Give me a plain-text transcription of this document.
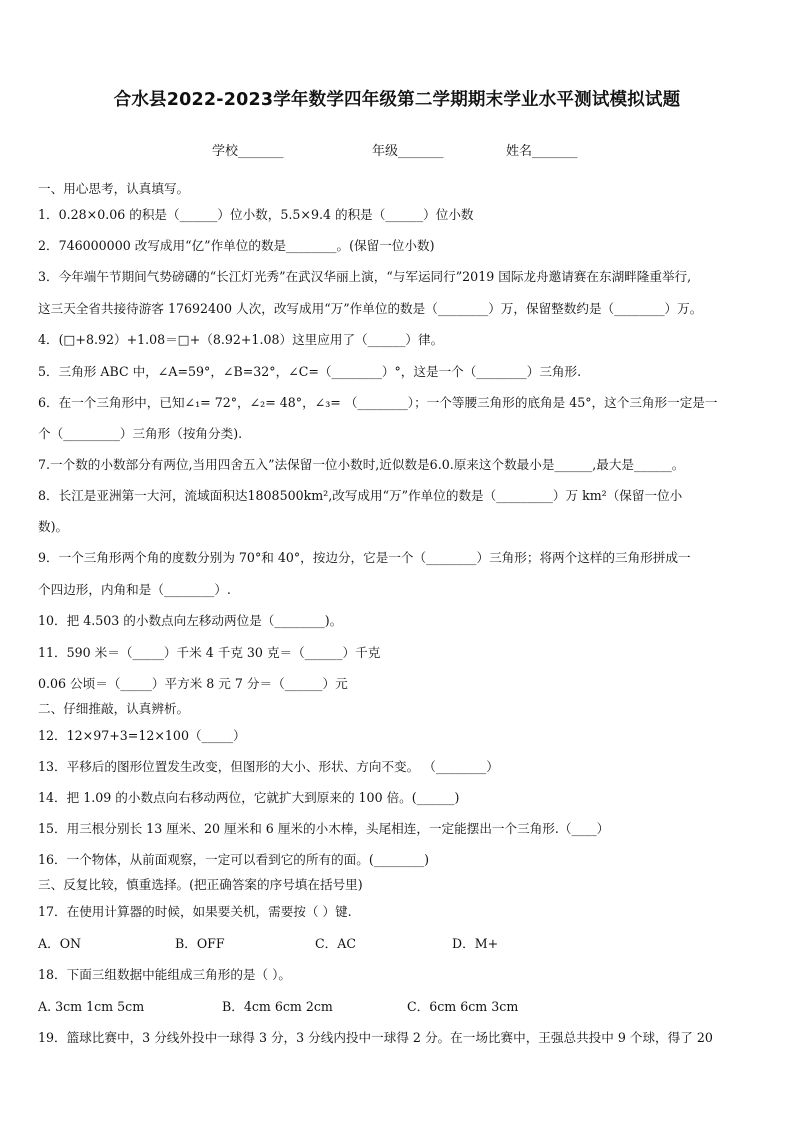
合水县2022-2023学年数学四年级第二学期期末学业水平测试模拟试题
学校_______	年级_______	姓名_______
一、用心思考，认真填写。
1．0.28×0.06 的积是（______）位小数，5.5×9.4 的积是（______）位小数
2．746000000 改写成用“亿”作单位的数是________。(保留一位小数)
3．今年端午节期间气势磅礴的“长江灯光秀”在武汉华丽上演，“与军运同行”2019 国际龙舟邀请赛在东湖畔隆重举行,
这三天全省共接待游客 17692400 人次，改写成用“万”作单位的数是（________）万，保留整数约是（________）万。
4．(□+8.92）+1.08＝□+（8.92+1.08）这里应用了（______）律。
5．三角形 ABC 中，∠A=59°，∠B=32°，∠C=（________）°，这是一个（________）三角形.
6．在一个三角形中，已知∠₁= 72°，∠₂= 48°，∠₃= （________）；一个等腰三角形的底角是 45°，这个三角形一定是一
个（_________）三角形（按角分类).
7.一个数的小数部分有两位,当用四舍五入”法保留一位小数时,近似数是6.0.原来这个数最小是______,最大是______。
8．长江是亚洲第一大河，流域面积达1808500km²,改写成用“万”作单位的数是（_________）万 km²（保留一位小
数)。
9．一个三角形两个角的度数分别为 70°和 40°，按边分，它是一个（________）三角形；将两个这样的三角形拼成一
个四边形，内角和是（________）.
10．把 4.503 的小数点向左移动两位是（________)。
11．590 米＝（_____）千米 4 千克 30 克＝（______）千克
0.06 公顷＝（_____）平方米 8 元 7 分＝（______）元
二、仔细推敲，认真辨析。
12．12×97+3=12×100（_____）
13．平移后的图形位置发生改变，但图形的大小、形状、方向不变。 （________）
14．把 1.09 的小数点向右移动两位，它就扩大到原来的 100 倍。(______)
15．用三根分别长 13 厘米、20 厘米和 6 厘米的小木棒，头尾相连，一定能摆出一个三角形.（____）
16．一个物体，从前面观察，一定可以看到它的所有的面。(________)
三、反复比较，慎重选择。(把正确答案的序号填在括号里)
17．在使用计算器的时候，如果要关机，需要按（ ）键.
A．ON	B．OFF	C．AC	D．M+
18．下面三组数据中能组成三角形的是（ ）。
A. 3cm 1cm 5cm	B．4cm 6cm 2cm	C．6cm 6cm 3cm
19．篮球比赛中，3 分线外投中一球得 3 分，3 分线内投中一球得 2 分。在一场比赛中，王强总共投中 9 个球，得了 20
